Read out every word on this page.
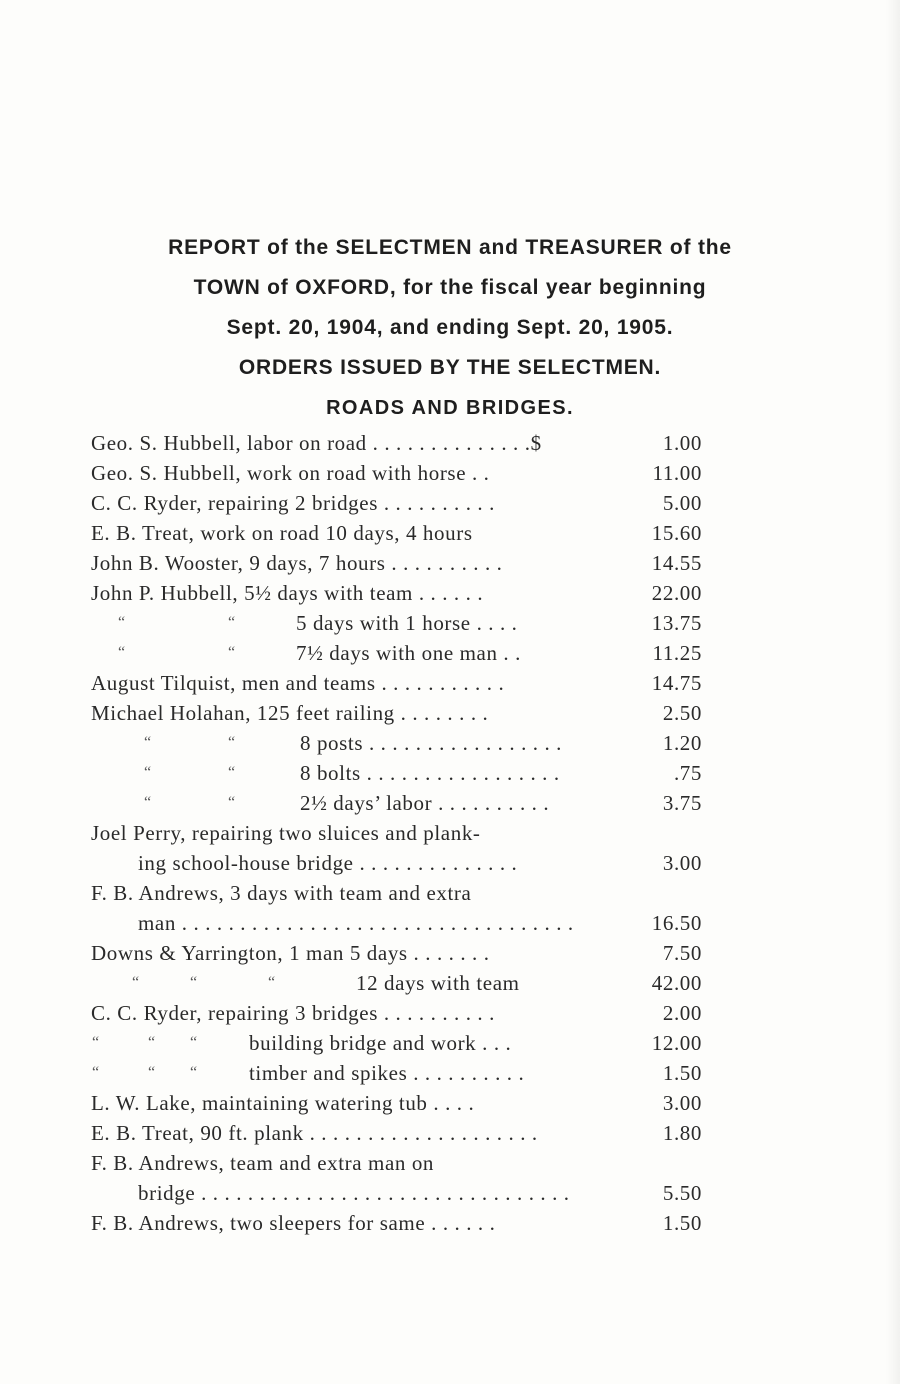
REPORT of the SELECTMEN and TREASURER of the
TOWN of OXFORD, for the fiscal year beginning
Sept. 20, 1904, and ending Sept. 20, 1905.
ORDERS ISSUED BY THE SELECTMEN.
ROADS AND BRIDGES.
Geo. S. Hubbell, labor on road . . . . . . . . . . . . . .$	1.00
Geo. S. Hubbell, work on road with horse . .	11.00
C. C. Ryder, repairing 2 bridges . . . . . . . . . .	5.00
E. B. Treat, work on road 10 days, 4 hours	15.60
John B. Wooster, 9 days, 7 hours . . . . . . . . . .	14.55
John P. Hubbell, 5½ days with team . . . . . .	22.00
“	“	5 days with 1 horse . . . .	13.75
“	“	7½ days with one man . .	11.25
August Tilquist, men and teams . . . . . . . . . . .	14.75
Michael Holahan, 125 feet railing . . . . . . . .	2.50
“	“	8 posts . . . . . . . . . . . . . . . . .	1.20
“	“	8 bolts . . . . . . . . . . . . . . . . .	.75
“	“	2½ days’ labor . . . . . . . . . .	3.75
Joel Perry, repairing two sluices and plank-
ing school-house bridge . . . . . . . . . . . . . .	3.00
F. B. Andrews, 3 days with team and extra
man . . . . . . . . . . . . . . . . . . . . . . . . . . . . . . . . . .	16.50
Downs & Yarrington, 1 man 5 days . . . . . . .	7.50
“	“	“	12 days with team	42.00
C. C. Ryder, repairing 3 bridges . . . . . . . . . .	2.00
“	“ “ building bridge and work . . .	12.00
“	“ “ timber and spikes . . . . . . . . . .	1.50
L. W. Lake, maintaining watering tub . . . .	3.00
E. B. Treat, 90 ft. plank . . . . . . . . . . . . . . . . . . . .	1.80
F. B. Andrews, team and extra man on
bridge . . . . . . . . . . . . . . . . . . . . . . . . . . . . . . . .	5.50
F. B. Andrews, two sleepers for same . . . . . .	1.50
